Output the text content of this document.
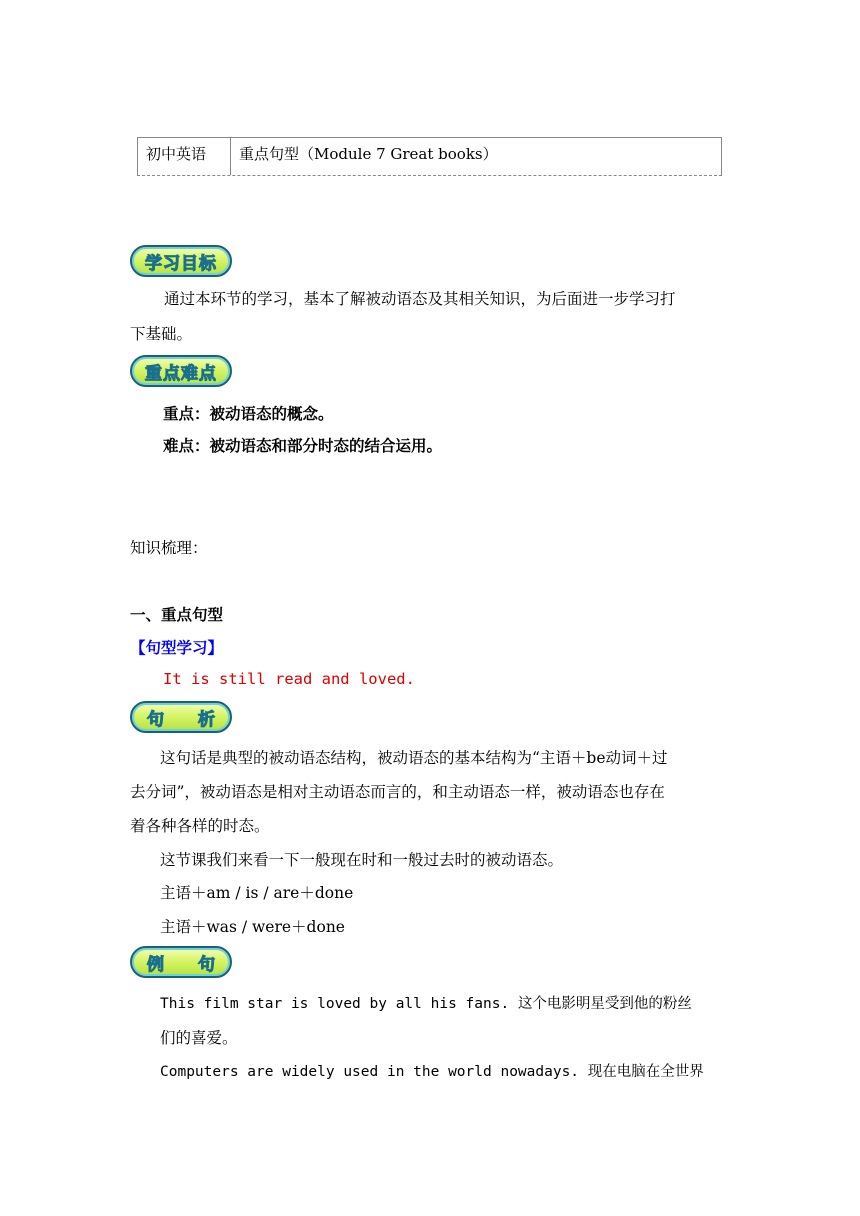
初中英语	重点句型（Module 7 Great books）
学习目标
通过本环节的学习，基本了解被动语态及其相关知识，为后面进一步学习打
下基础。
重点难点
重点：被动语态的概念。
难点：被动语态和部分时态的结合运用。
知识梳理：
一、重点句型
【句型学习】
It is still read and loved.
句 析
这句话是典型的被动语态结构，被动语态的基本结构为“主语＋be动词＋过
去分词”，被动语态是相对主动语态而言的，和主动语态一样，被动语态也存在
着各种各样的时态。
这节课我们来看一下一般现在时和一般过去时的被动语态。
主语＋am / is / are＋done
主语＋was / were＋done
例 句
This film star is loved by all his fans. 这个电影明星受到他的粉丝
们的喜爱。
Computers are widely used in the world nowadays. 现在电脑在全世界
